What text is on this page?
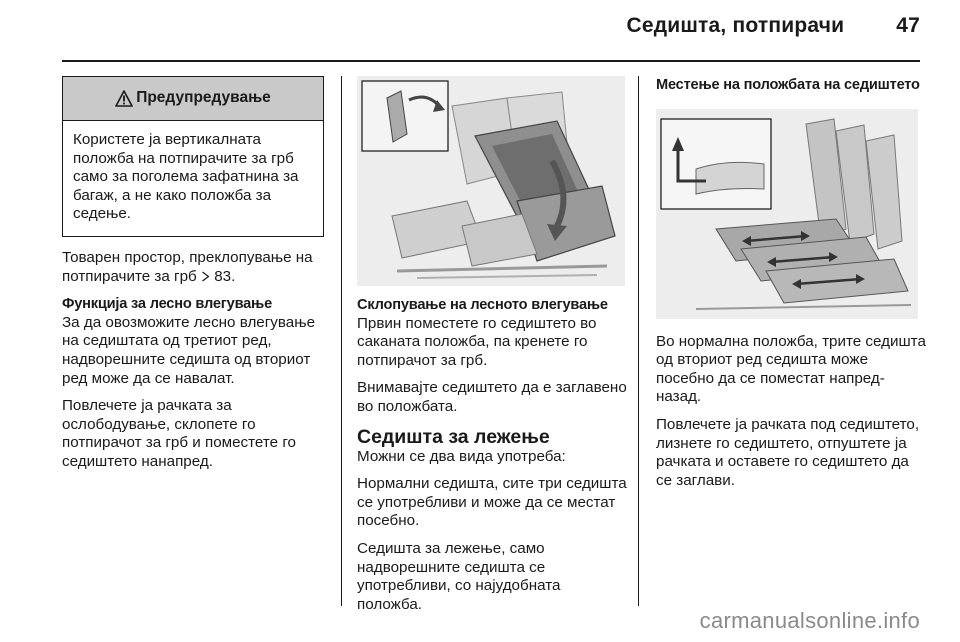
Седишта, потпирачи 47
Предупредување
Користете ја вертикалната положба на потпирачите за грб само за поголема зафатнина за багаж, а не како положба за седење.

Товарен простор, преклопување на потпирачите за грб 83.

Функција за лесно влегување

За да овозможите лесно влегување на седиштата од третиот ред, надворешните седишта од вториот ред може да се навалат.

Повлечете ја рачката за ослободување, склопете го потпирачот за грб и поместете го седиштето нанапред.

Склопување на лесното влегување

Првин поместете го седиштето во саканата положба, па кренете го потпирачот за грб.

Внимавајте седиштето да е заглавено во положбата.

Седишта за лежење

Можни се два вида употреба:

Нормални седишта, сите три седишта се употребливи и може да се местат посебно.

Седишта за лежење, само надворешните седишта се употребливи, со најудобната положба.

Местење на положбата на седиштето

Во нормална положба, трите седишта од вториот ред седишта може посебно да се поместат напред-назад.

Повлечете ја рачката под седиштето, лизнете го седиштето, отпуштете ја рачката и оставете го седиштето да се заглави.

carmanualsonline.info
